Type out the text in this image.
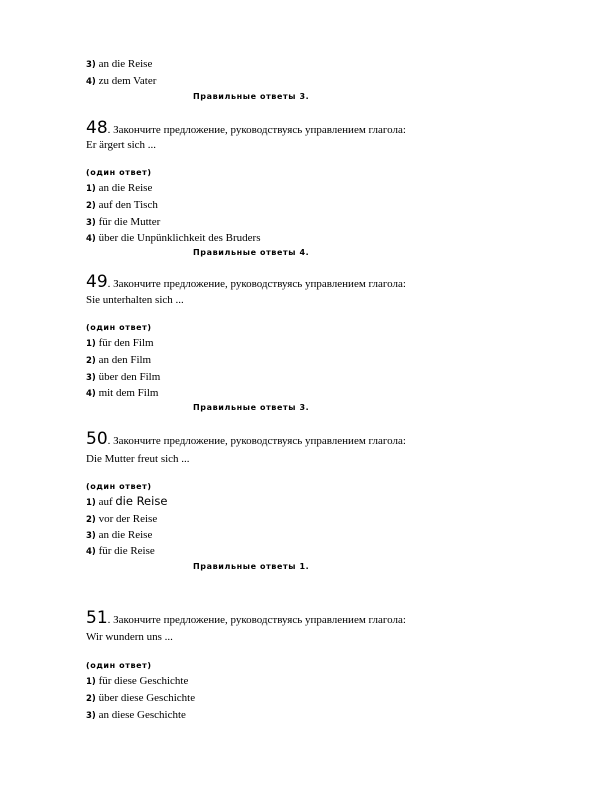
3) an die Reise
4) zu dem Vater
Правильные ответы 3.
48. Закончите предложение, руководствуясь управлением глагола:
Er ärgert sich ...
(один ответ)
1) an die Reise
2) auf den Tisch
3) für die Mutter
4) über die Unpünklichkeit des Bruders
Правильные ответы 4.
49. Закончите предложение, руководствуясь управлением глагола:
Sie unterhalten sich ...
(один ответ)
1) für den Film
2) an den Film
3) über den Film
4) mit dem Film
Правильные ответы 3.
50. Закончите предложение, руководствуясь управлением глагола:
Die Mutter freut sich ...
(один ответ)
1) auf die Reise
2) vor der Reise
3) an die Reise
4) für die Reise
Правильные ответы 1.
51. Закончите предложение, руководствуясь управлением глагола:
Wir wundern uns ...
(один ответ)
1) für diese Geschichte
2) über diese Geschichte
3) an diese Geschichte
